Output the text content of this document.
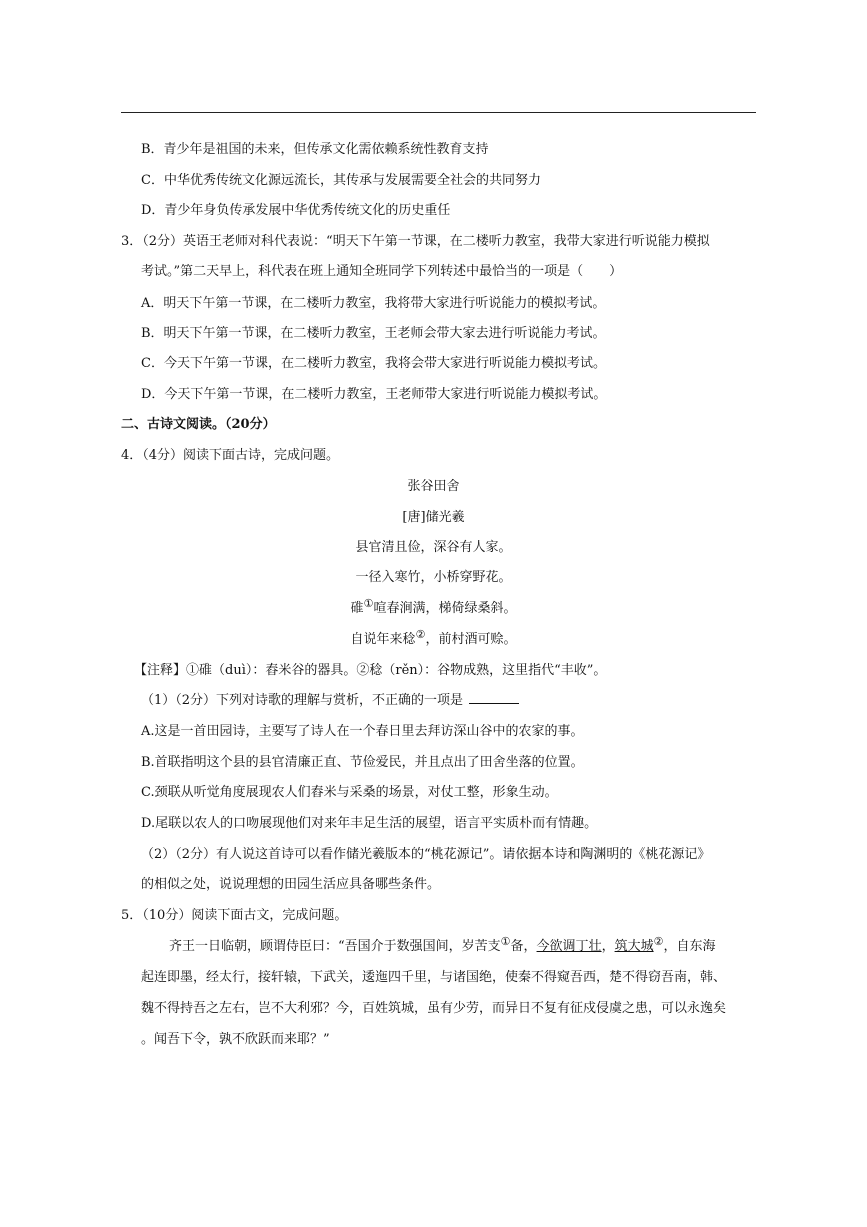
B．青少年是祖国的未来，但传承文化需依赖系统性教育支持
C．中华优秀传统文化源远流长，其传承与发展需要全社会的共同努力
D．青少年身负传承发展中华优秀传统文化的历史重任
3．（2分）英语王老师对科代表说：“明天下午第一节课，在二楼听力教室，我带大家进行听说能力模拟
考试。”第二天早上，科代表在班上通知全班同学下列转述中最恰当的一项是（　　）
A．明天下午第一节课，在二楼听力教室，我将带大家进行听说能力的模拟考试。
B．明天下午第一节课，在二楼听力教室，王老师会带大家去进行听说能力考试。
C．今天下午第一节课，在二楼听力教室，我将会带大家进行听说能力模拟考试。
D．今天下午第一节课，在二楼听力教室，王老师带大家进行听说能力模拟考试。
二、古诗文阅读。（20分）
4．（4分）阅读下面古诗，完成问题。
张谷田舍
[唐]储光羲
县官清且俭，深谷有人家。
一径入寒竹，小桥穿野花。
碓①喧春涧满，梯倚绿桑斜。
自说年来稔②，前村酒可赊。
【注释】①碓（duì）：舂米谷的器具。②稔（rěn）：谷物成熟，这里指代“丰收”。
（1）（2分）下列对诗歌的理解与赏析，不正确的一项是
A.这是一首田园诗，主要写了诗人在一个春日里去拜访深山谷中的农家的事。
B.首联指明这个县的县官清廉正直、节俭爱民，并且点出了田舍坐落的位置。
C.颈联从听觉角度展现农人们舂米与采桑的场景，对仗工整，形象生动。
D.尾联以农人的口吻展现他们对来年丰足生活的展望，语言平实质朴而有情趣。
（2）（2分）有人说这首诗可以看作储光羲版本的“桃花源记”。请依据本诗和陶渊明的《桃花源记》
的相似之处，说说理想的田园生活应具备哪些条件。
5．（10分）阅读下面古文，完成问题。
齐王一日临朝，顾谓侍臣曰：“吾国介于数强国间，岁苦支①备，今欲调丁壮，筑大城②，自东海
起连即墨，经太行，接轩辕，下武关，逶迤四千里，与诸国绝，使秦不得窥吾西，楚不得窃吾南，韩、
魏不得持吾之左右，岂不大利邪？今，百姓筑城，虽有少劳，而异日不复有征戍侵虞之患，可以永逸矣
。闻吾下令，孰不欣跃而来耶？”
